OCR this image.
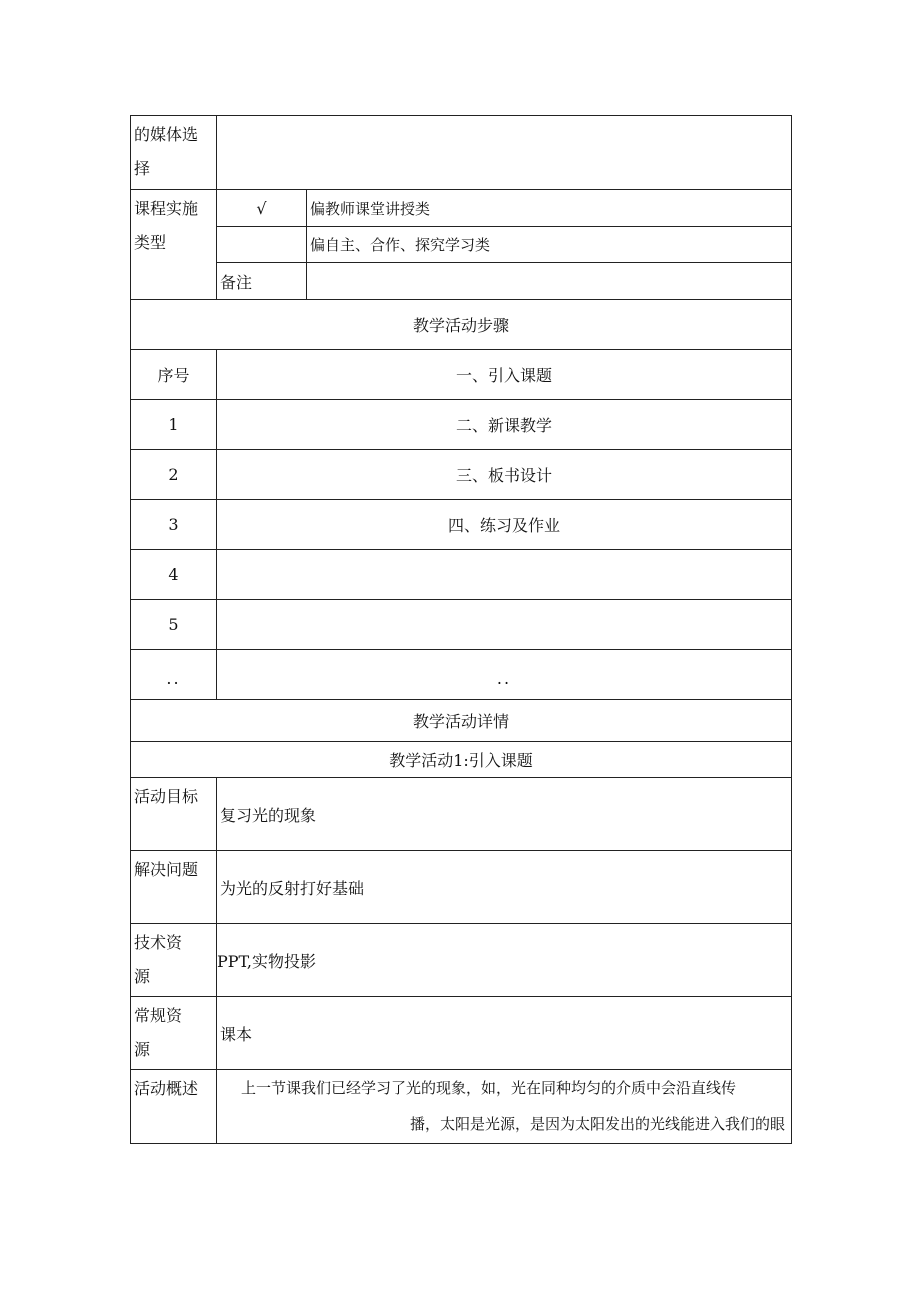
的媒体选
择		

课程实施
类型	√	偏教师课堂讲授类
		偏自主、合作、探究学习类
	备注	
教学活动步骤		
序号	一、引入课题	
1	二、新课教学	
2	三、板书设计	
3	四、练习及作业	
4		
5		
..	..	
教学活动详情		
教学活动1:引入课题		
活动目标	复习光的现象	
解决问题	为光的反射打好基础	

技术资
源	PPT,实物投影	

常规资
源	课本	
活动概述	上一节课我们已经学习了光的现象，如，光在同种均匀的介质中会沿直线传
播，太阳是光源，是因为太阳发出的光线能进入我们的眼	
